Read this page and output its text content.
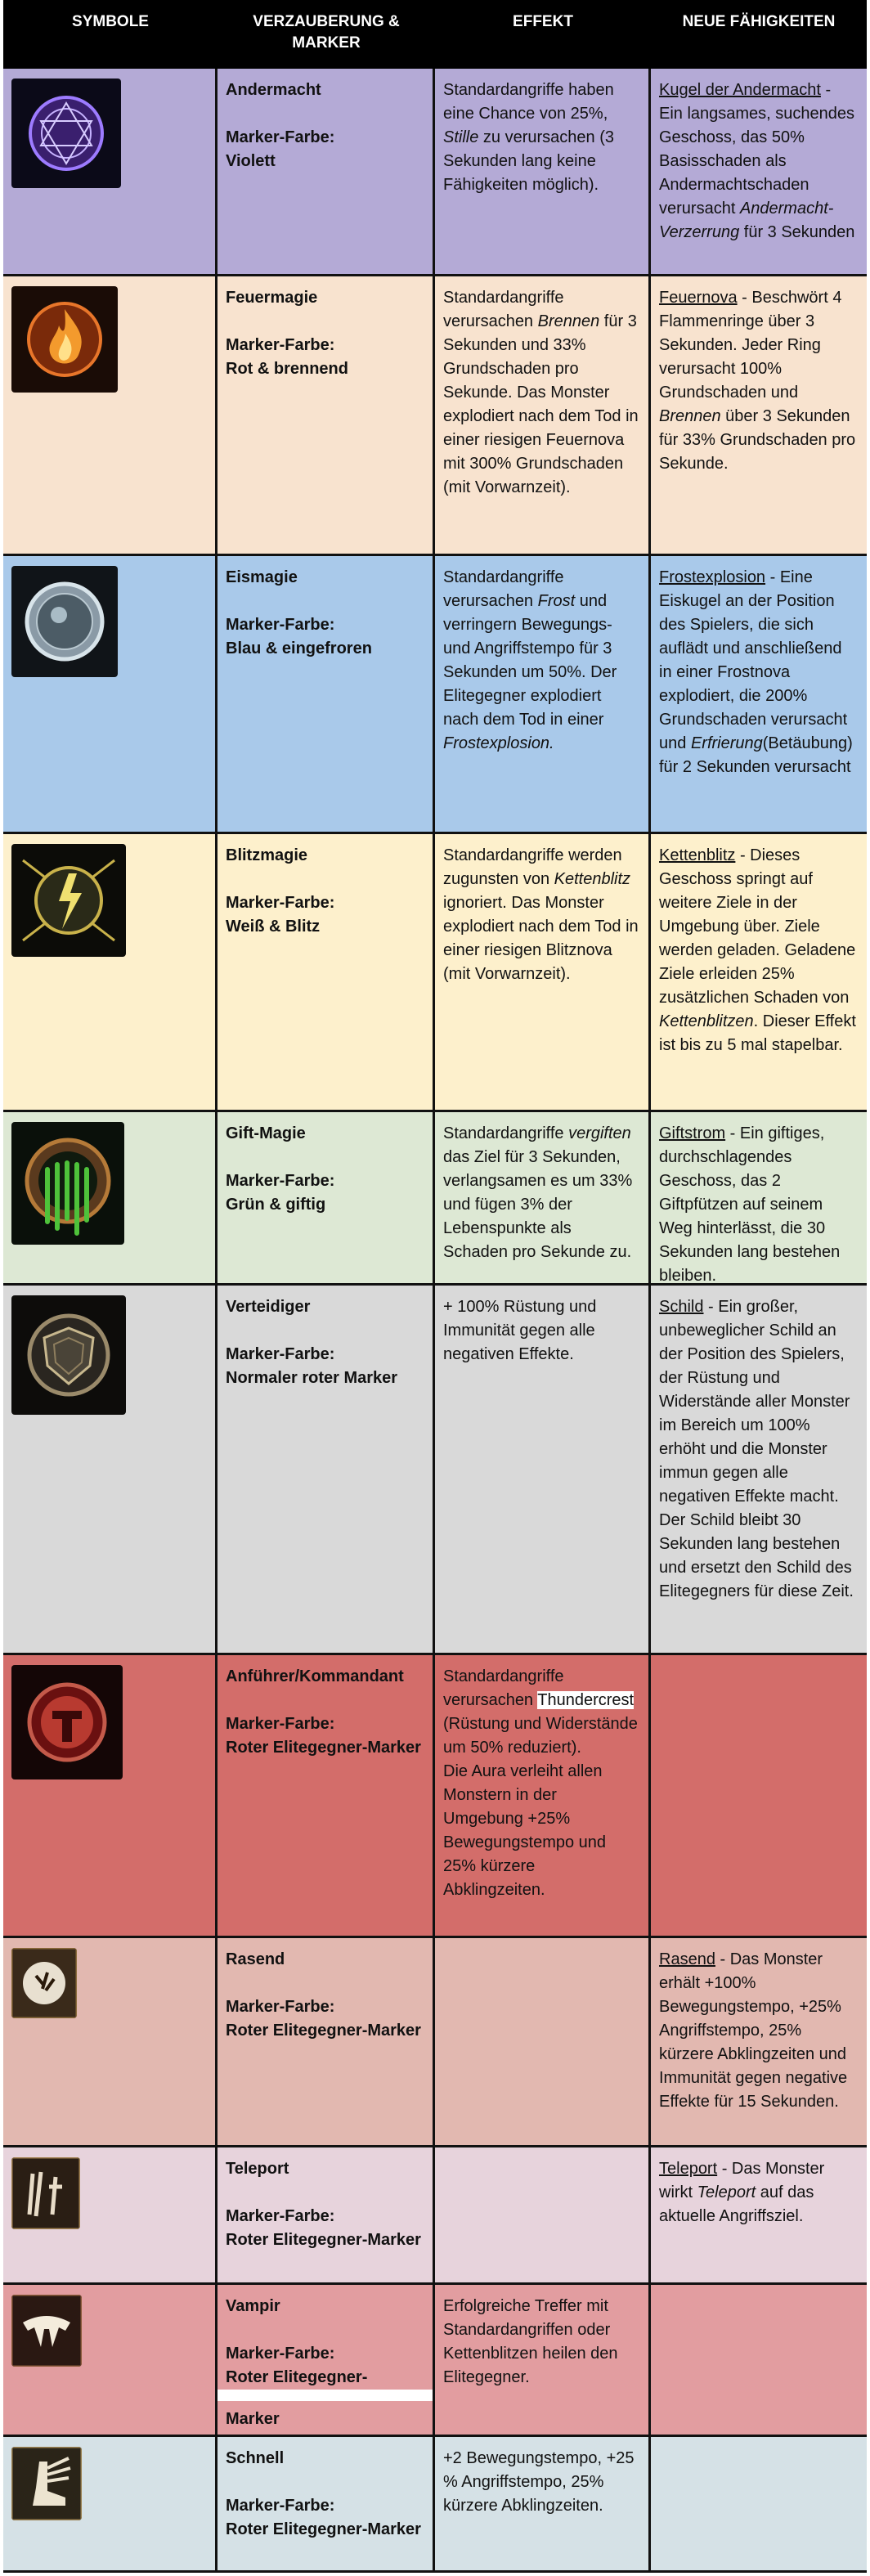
SYMBOLE	VERZAUBERUNG & MARKER
EFFEKT	NEUE FÄHIGKEITEN
Andermacht
Marker-Farbe:
Violett
Standardangriffe haben eine Chance von 25%, Stille zu verursachen (3 Sekunden lang keine Fähigkeiten möglich).
Kugel der Andermacht - Ein langsames, suchendes Geschoss, das 50% Basisschaden als Andermachtschaden verursacht Andermacht-Verzerrung für 3 Sekunden
Feuermagie
Marker-Farbe:
Rot & brennend
Standardangriffe verursachen Brennen für 3 Sekunden und 33% Grundschaden pro Sekunde. Das Monster explodiert nach dem Tod in einer riesigen Feuernova mit 300% Grundschaden (mit Vorwarnzeit).
Feuernova - Beschwört 4 Flammenringe über 3 Sekunden. Jeder Ring verursacht 100% Grundschaden und Brennen über 3 Sekunden für 33% Grundschaden pro Sekunde.
Eismagie
Marker-Farbe:
Blau & eingefroren
Standardangriffe verursachen Frost und verringern Bewegungs- und Angriffstempo für 3 Sekunden um 50%. Der Elitegegner explodiert nach dem Tod in einer Frostexplosion.
Frostexplosion - Eine Eiskugel an der Position des Spielers, die sich auflädt und anschließend in einer Frostnova explodiert, die 200% Grundschaden verursacht und Erfrierung(Betäubung) für 2 Sekunden verursacht
Blitzmagie
Marker-Farbe:
Weiß & Blitz
Standardangriffe werden zugunsten von Kettenblitz ignoriert. Das Monster explodiert nach dem Tod in einer riesigen Blitznova (mit Vorwarnzeit).
Kettenblitz - Dieses Geschoss springt auf weitere Ziele in der Umgebung über. Ziele werden geladen. Geladene Ziele erleiden 25% zusätzlichen Schaden von Kettenblitzen. Dieser Effekt ist bis zu 5 mal stapelbar.
Gift-Magie
Marker-Farbe:
Grün & giftig
Standardangriffe vergiften das Ziel für 3 Sekunden, verlangsamen es um 33% und fügen 3% der Lebenspunkte als Schaden pro Sekunde zu.
Giftstrom - Ein giftiges, durchschlagendes Geschoss, das 2 Giftpfützen auf seinem Weg hinterlässt, die 30 Sekunden lang bestehen bleiben.
Verteidiger
Marker-Farbe:
Normaler roter Marker
+ 100% Rüstung und Immunität gegen alle negativen Effekte.
Schild - Ein großer, unbeweglicher Schild an der Position des Spielers, der Rüstung und Widerstände aller Monster im Bereich um 100% erhöht und die Monster immun gegen alle negativen Effekte macht. Der Schild bleibt 30 Sekunden lang bestehen und ersetzt den Schild des Elitegegners für diese Zeit.
Anführer/Kommandant
Marker-Farbe:
Roter Elitegegner-Marker
Standardangriffe verursachen Thundercrest (Rüstung und Widerstände um 50% reduziert).
Die Aura verleiht allen Monstern in der Umgebung +25% Bewegungstempo und 25% kürzere Abklingzeiten.
Rasend
Marker-Farbe:
Roter Elitegegner-Marker
Rasend - Das Monster erhält +100% Bewegungstempo, +25% Angriffstempo, 25% kürzere Abklingzeiten und Immunität gegen negative Effekte für 15 Sekunden.
Teleport
Marker-Farbe:
Roter Elitegegner-Marker
Teleport - Das Monster wirkt Teleport auf das aktuelle Angriffsziel.
Vampir
Marker-Farbe:
Roter Elitegegner-
Marker
Erfolgreiche Treffer mit Standardangriffen oder Kettenblitzen heilen den Elitegegner.
Schnell
Marker-Farbe:
Roter Elitegegner-Marker
+2 Bewegungstempo, +25 % Angriffstempo, 25% kürzere Abklingzeiten.
